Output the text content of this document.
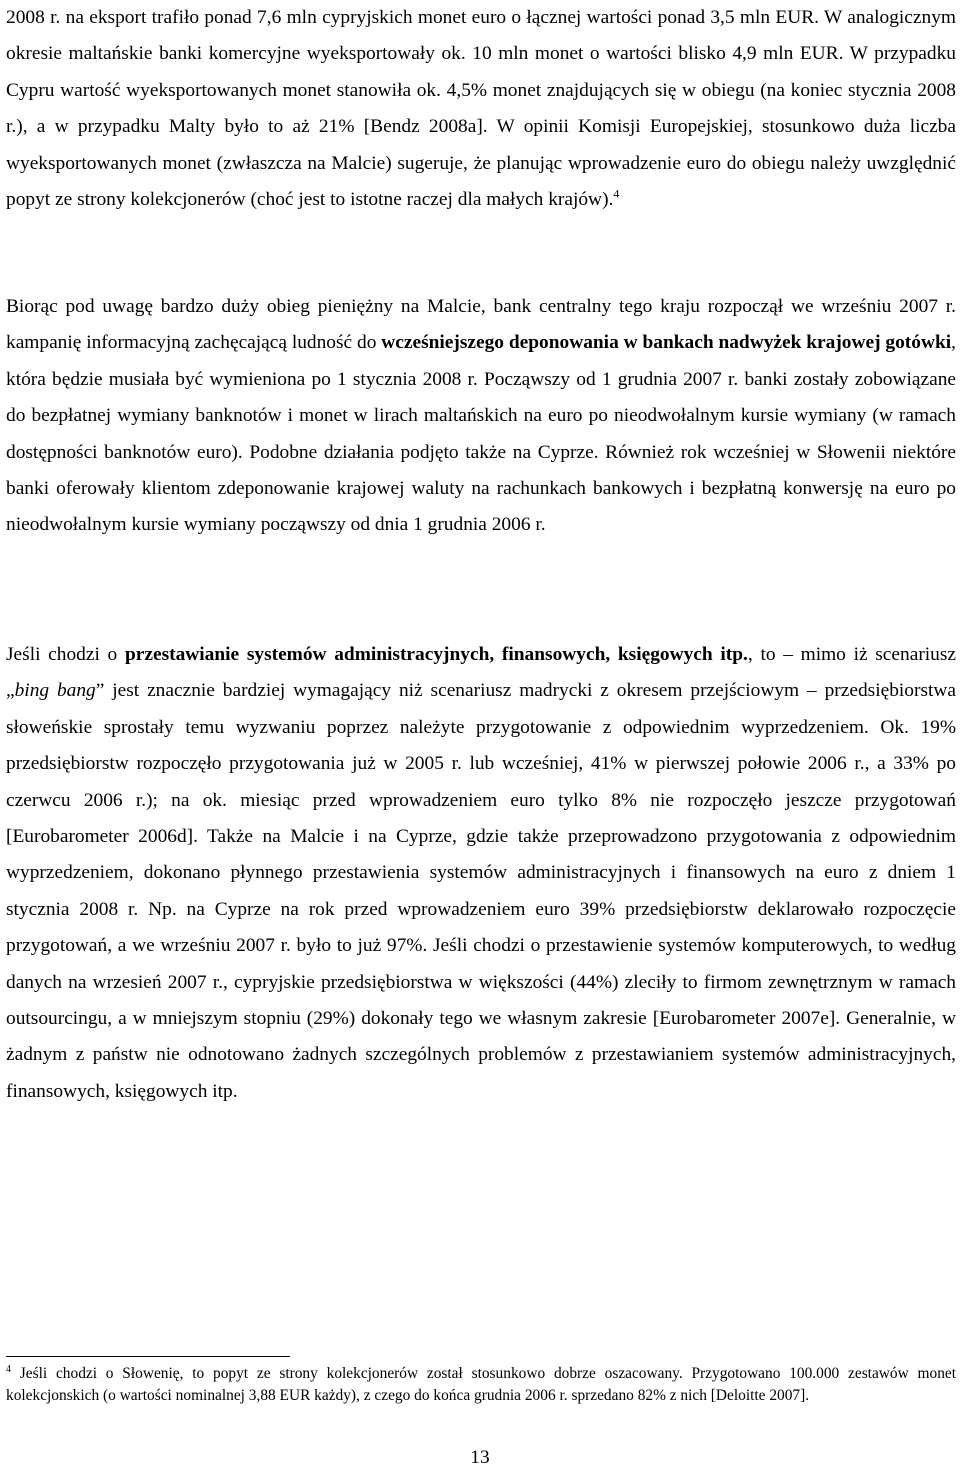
2008 r. na eksport trafiło ponad 7,6 mln cypryjskich monet euro o łącznej wartości ponad 3,5 mln EUR. W analogicznym okresie maltańskie banki komercyjne wyeksportowały ok. 10 mln monet o wartości blisko 4,9 mln EUR. W przypadku Cypru wartość wyeksportowanych monet stanowiła ok. 4,5% monet znajdujących się w obiegu (na koniec stycznia 2008 r.), a w przypadku Malty było to aż 21% [Bendz 2008a]. W opinii Komisji Europejskiej, stosunkowo duża liczba wyeksportowanych monet (zwłaszcza na Malcie) sugeruje, że planując wprowadzenie euro do obiegu należy uwzględnić popyt ze strony kolekcjonerów (choć jest to istotne raczej dla małych krajów).$^4$

Biorąc pod uwagę bardzo duży obieg pieniężny na Malcie, bank centralny tego kraju rozpoczął we wrześniu 2007 r. kampanię informacyjną zachęcającą ludność do wcześniejszego deponowania w bankach nadwyżek krajowej gotówki, która będzie musiała być wymieniona po 1 stycznia 2008 r. Począwszy od 1 grudnia 2007 r. banki zostały zobowiązane do bezpłatnej wymiany banknotów i monet w lirach maltańskich na euro po nieodwołalnym kursie wymiany (w ramach dostępności banknotów euro). Podobne działania podjęto także na Cyprze. Również rok wcześniej w Słowenii niektóre banki oferowały klientom zdeponowanie krajowej waluty na rachunkach bankowych i bezpłatną konwersję na euro po nieodwołalnym kursie wymiany począwszy od dnia 1 grudnia 2006 r.

Jeśli chodzi o przestawianie systemów administracyjnych, finansowych, księgowych itp., to – mimo iż scenariusz „bing bang” jest znacznie bardziej wymagający niż scenariusz madrycki z okresem przejściowym – przedsiębiorstwa słoweńskie sprostały temu wyzwaniu poprzez należyte przygotowanie z odpowiednim wyprzedzeniem. Ok. 19% przedsiębiorstw rozpoczęło przygotowania już w 2005 r. lub wcześniej, 41% w pierwszej połowie 2006 r., a 33% po czerwcu 2006 r.); na ok. miesiąc przed wprowadzeniem euro tylko 8% nie rozpoczęło jeszcze przygotowań [Eurobarometer 2006d]. Także na Malcie i na Cyprze, gdzie także przeprowadzono przygotowania z odpowiednim wyprzedzeniem, dokonano płynnego przestawienia systemów administracyjnych i finansowych na euro z dniem 1 stycznia 2008 r. Np. na Cyprze na rok przed wprowadzeniem euro 39% przedsiębiorstw deklarowało rozpoczęcie przygotowań, a we wrześniu 2007 r. było to już 97%. Jeśli chodzi o przestawienie systemów komputerowych, to według danych na wrzesień 2007 r., cypryjskie przedsiębiorstwa w większości (44%) zleciły to firmom zewnętrznym w ramach outsourcingu, a w mniejszym stopniu (29%) dokonały tego we własnym zakresie [Eurobarometer 2007e]. Generalnie, w żadnym z państw nie odnotowano żadnych szczególnych problemów z przestawianiem systemów administracyjnych, finansowych, księgowych itp.

$^4$ Jeśli chodzi o Słowenię, to popyt ze strony kolekcjonerów został stosunkowo dobrze oszacowany. Przygotowano 100.000 zestawów monet kolekcjonskich (o wartości nominalnej 3,88 EUR każdy), z czego do końca grudnia 2006 r. sprzedano 82% z nich [Deloitte 2007].

13
